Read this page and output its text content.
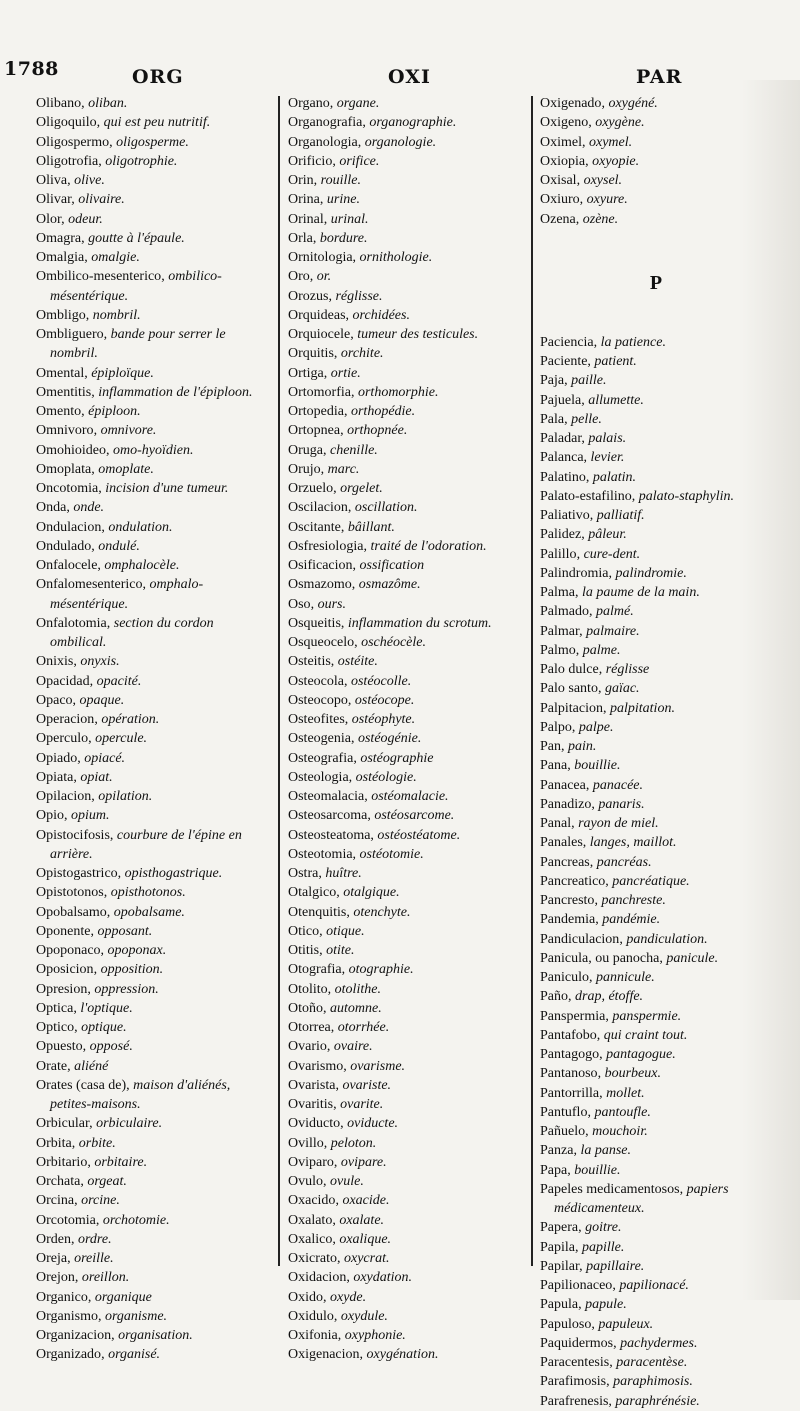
1788	ORG	OXI	PAR
Olibano, oliban.
Oligoquilo, qui est peu nutritif.
Oligospermo, oligosperme.
Oligotrofia, oligotrophie.
Oliva, olive.
Olivar, olivaire.
Olor, odeur.
Omagra, goutte à l'épaule.
Omalgia, omalgie.
Ombilico-mesenterico, ombilico-mésentérique.
Ombligo, nombril.
Ombliguero, bande pour serrer le nombril.
Omental, épiploïque.
Omentitis, inflammation de l'épiploon.
Omento, épiploon.
Omnivoro, omnivore.
Omohioideo, omo-hyoïdien.
Omoplata, omoplate.
Oncotomia, incision d'une tumeur.
Onda, onde.
Ondulacion, ondulation.
Ondulado, ondulé.
Onfalocele, omphalocèle.
Onfalomesenterico, omphalo-mésentérique.
Onfalotomia, section du cordon ombilical.
Onixis, onyxis.
Opacidad, opacité.
Opaco, opaque.
Operacion, opération.
Operculo, opercule.
Opiado, opiacé.
Opiata, opiat.
Opilacion, opilation.
Opio, opium.
Opistocifosis, courbure de l'épine en arrière.
Opistogastrico, opisthogastrique.
Opistotonos, opisthotonos.
Opobalsamo, opobalsame.
Oponente, opposant.
Opoponaco, opoponax.
Oposicion, opposition.
Opresion, oppression.
Optica, l'optique.
Optico, optique.
Opuesto, opposé.
Orate, aliéné
Orates (casa de), maison d'aliénés, petites-maisons.
Orbicular, orbiculaire.
Orbita, orbite.
Orbitario, orbitaire.
Orchata, orgeat.
Orcina, orcine.
Orcotomia, orchotomie.
Orden, ordre.
Oreja, oreille.
Orejon, oreillon.
Organico, organique
Organismo, organisme.
Organizacion, organisation.
Organizado, organisé.
Organo, organe.
Organografia, organographie.
Organologia, organologie.
Orificio, orifice.
Orin, rouille.
Orina, urine.
Orinal, urinal.
Orla, bordure.
Ornitologia, ornithologie.
Oro, or.
Orozus, réglisse.
Orquideas, orchidées.
Orquiocele, tumeur des testicules.
Orquitis, orchite.
Ortiga, ortie.
Ortomorfia, orthomorphie.
Ortopedia, orthopédie.
Ortopnea, orthopnée.
Oruga, chenille.
Orujo, marc.
Orzuelo, orgelet.
Oscilacion, oscillation.
Oscitante, bâillant.
Osfresiologia, traité de l'odoration.
Osificacion, ossification
Osmazomo, osmazôme.
Oso, ours.
Osqueitis, inflammation du scrotum.
Osqueocelo, oschéocèle.
Osteitis, ostéite.
Osteocola, ostéocolle.
Osteocopo, ostéocope.
Osteofites, ostéophyte.
Osteogenia, ostéogénie.
Osteografia, ostéographie
Osteologia, ostéologie.
Osteomalacia, ostéomalacie.
Osteosarcoma, ostéosarcome.
Osteosteatoma, ostéostéatome.
Osteotomia, ostéotomie.
Ostra, huître.
Otalgico, otalgique.
Otenquitis, otenchyte.
Otico, otique.
Otitis, otite.
Otografia, otographie.
Otolito, otolithe.
Otoño, automne.
Otorrea, otorrhée.
Ovario, ovaire.
Ovarismo, ovarisme.
Ovarista, ovariste.
Ovaritis, ovarite.
Oviducto, oviducte.
Ovillo, peloton.
Oviparo, ovipare.
Ovulo, ovule.
Oxacido, oxacide.
Oxalato, oxalate.
Oxalico, oxalique.
Oxicrato, oxycrat.
Oxidacion, oxydation.
Oxido, oxyde.
Oxidulo, oxydule.
Oxifonia, oxyphonie.
Oxigenacion, oxygénation.
Oxigenado, oxygéné.
Oxigeno, oxygène.
Oximel, oxymel.
Oxiopia, oxyopie.
Oxisal, oxysel.
Oxiuro, oxyure.
Ozena, ozène.
P
Paciencia, la patience.
Paciente, patient.
Paja, paille.
Pajuela, allumette.
Pala, pelle.
Paladar, palais.
Palanca, levier.
Palatino, palatin.
Palato-estafilino, palato-staphylin.
Paliativo, palliatif.
Palidez, pâleur.
Palillo, cure-dent.
Palindromia, palindromie.
Palma, la paume de la main.
Palmado, palmé.
Palmar, palmaire.
Palmo, palme.
Palo dulce, réglisse
Palo santo, gaïac.
Palpitacion, palpitation.
Palpo, palpe.
Pan, pain.
Pana, bouillie.
Panacea, panacée.
Panadizo, panaris.
Panal, rayon de miel.
Panales, langes, maillot.
Pancreas, pancréas.
Pancreatico, pancréatique.
Pancresto, panchreste.
Pandemia, pandémie.
Pandiculacion, pandiculation.
Panicula, ou panocha, panicule.
Paniculo, pannicule.
Paño, drap, étoffe.
Panspermia, panspermie.
Pantafobo, qui craint tout.
Pantagogo, pantagogue.
Pantanoso, bourbeux.
Pantorrilla, mollet.
Pantuflo, pantoufle.
Pañuelo, mouchoir.
Panza, la panse.
Papa, bouillie.
Papeles medicamentosos, papiers médicamenteux.
Papera, goitre.
Papila, papille.
Papilar, papillaire.
Papilionaceo, papilionacé.
Papula, papule.
Papuloso, papuleux.
Paquidermos, pachydermes.
Paracentesis, paracentèse.
Parafimosis, paraphimosis.
Parafrenesis, paraphrénésie.
